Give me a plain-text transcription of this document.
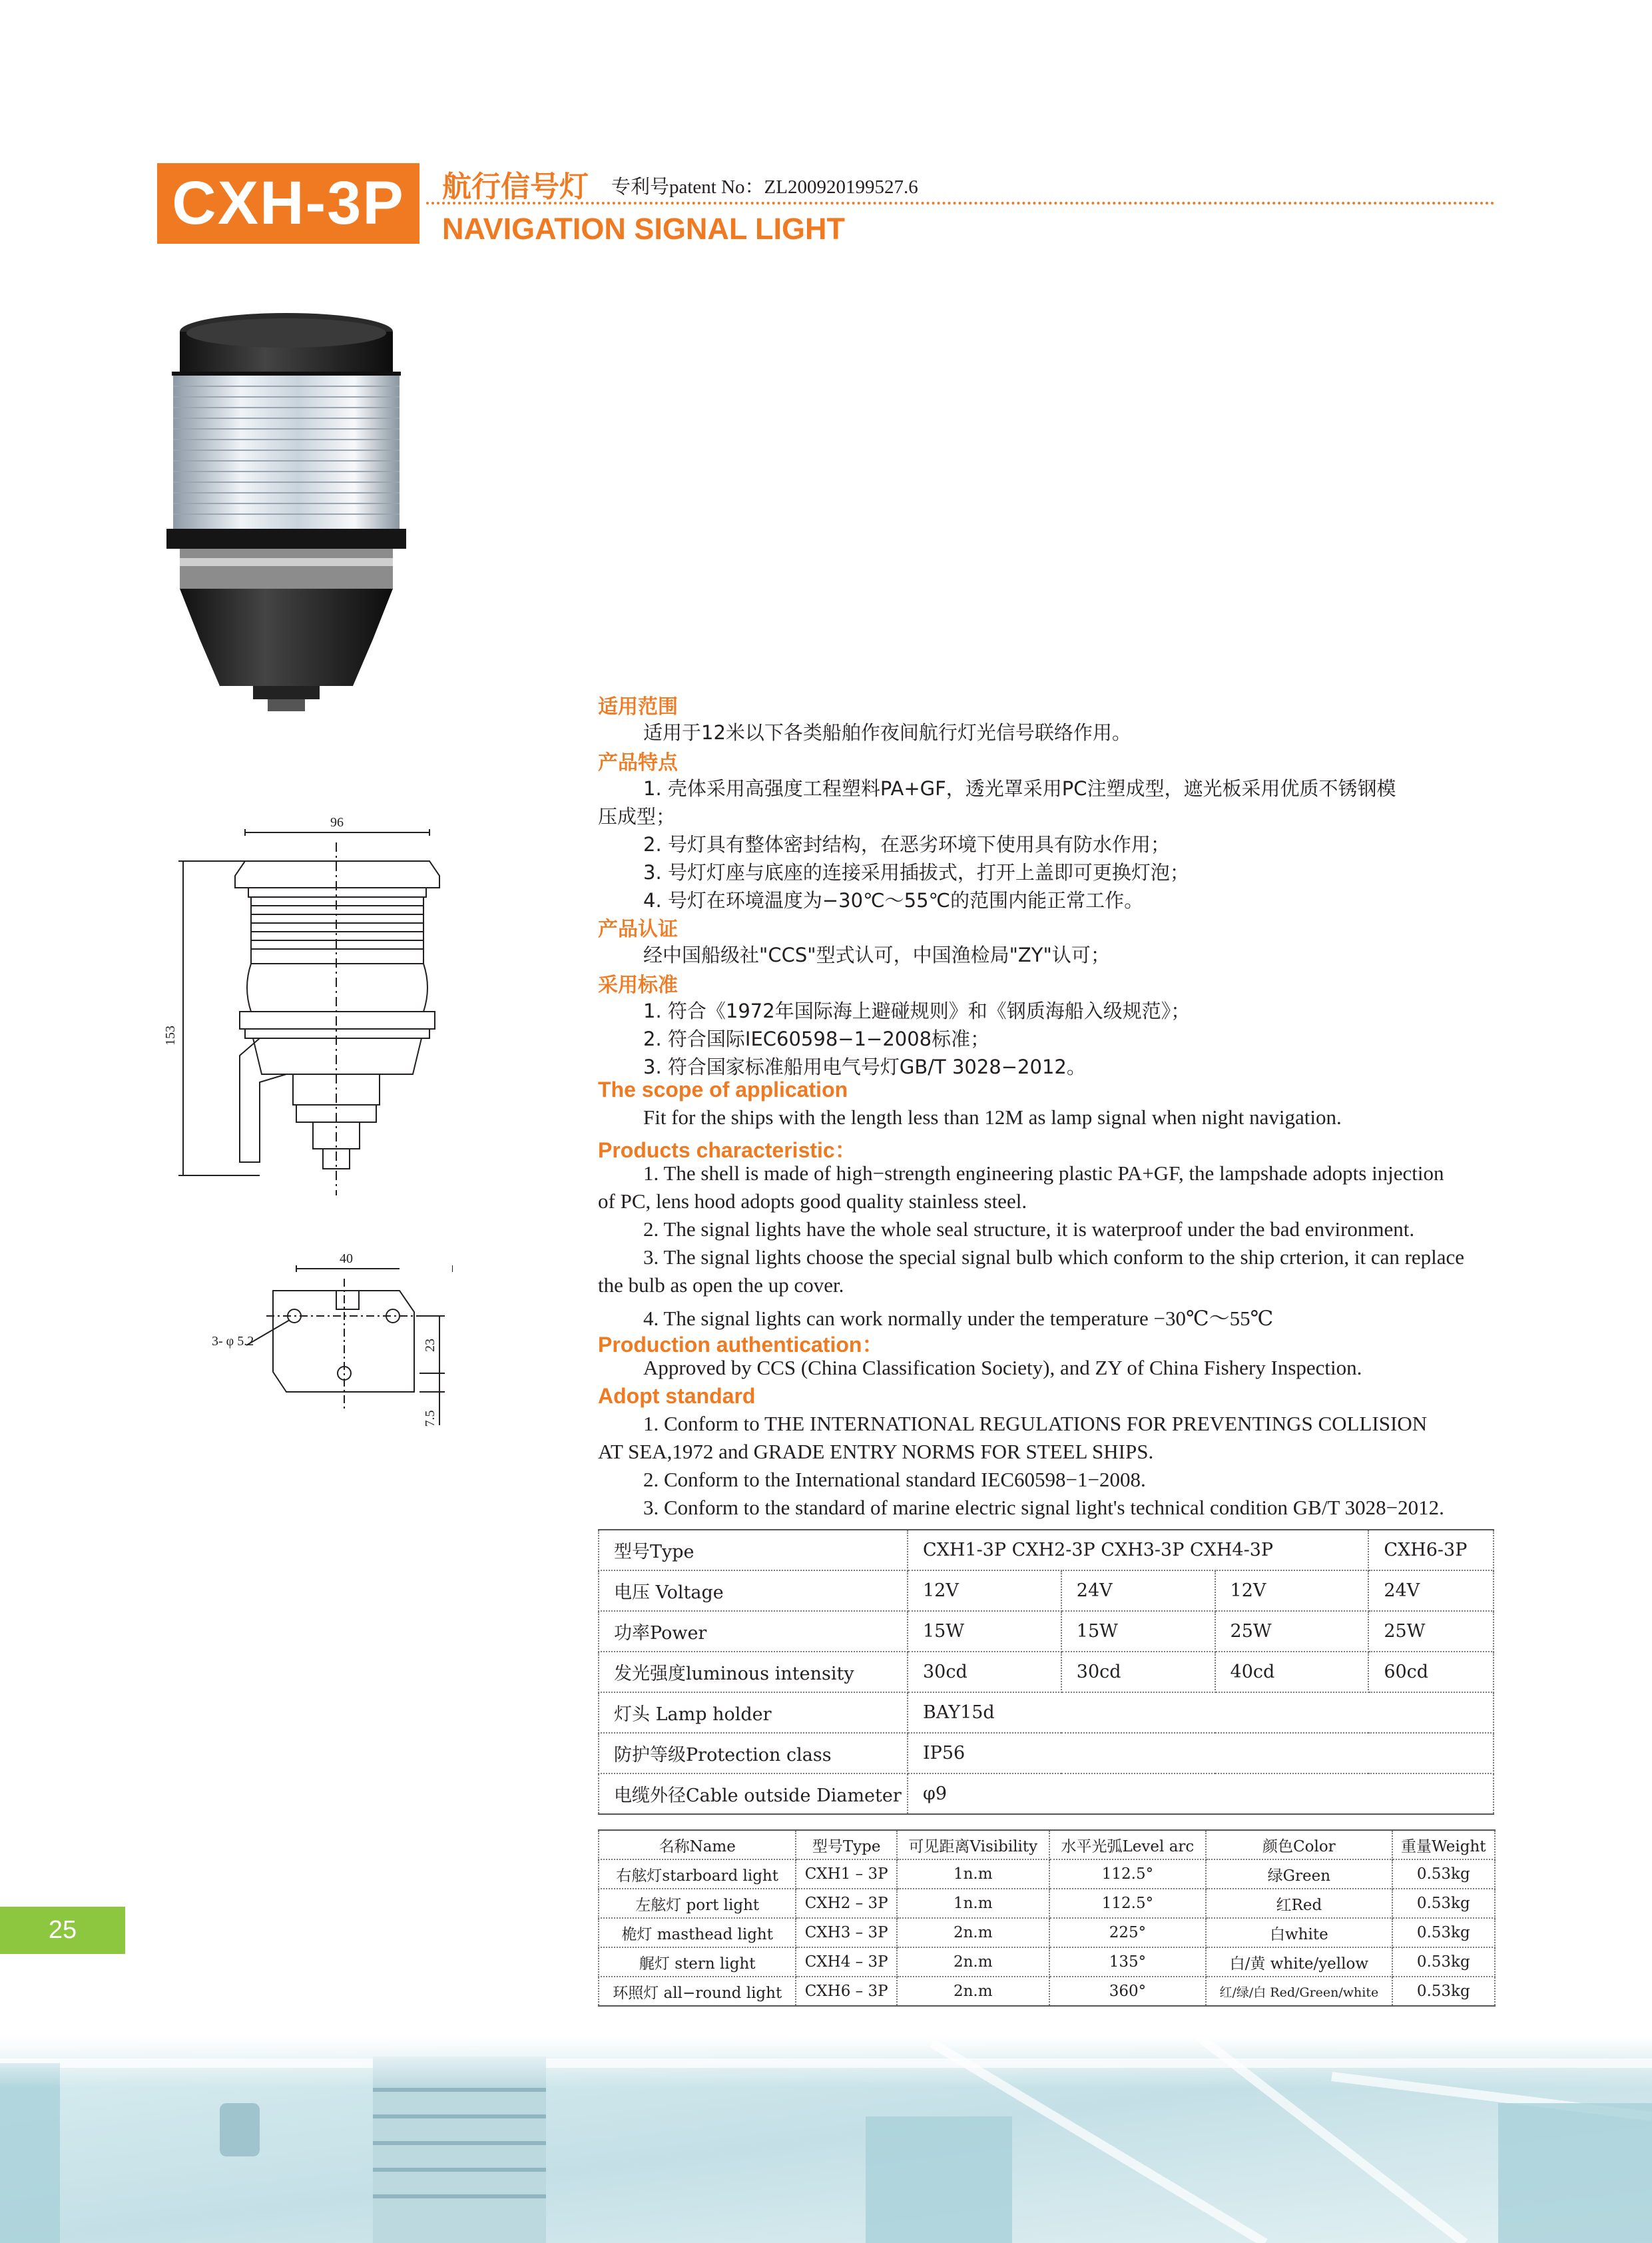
CXH-3P	航行信号灯 专利号patent No：ZL200920199527.6
NAVIGATION SIGNAL LIGHT
96
153
40
3- φ 5.2	23
7.5
适用范围
适用于12米以下各类船舶作夜间航行灯光信号联络作用。
产品特点
1. 壳体采用高强度工程塑料PA+GF，透光罩采用PC注塑成型，遮光板采用优质不锈钢模
压成型；
2. 号灯具有整体密封结构，在恶劣环境下使用具有防水作用；
3. 号灯灯座与底座的连接采用插拔式，打开上盖即可更换灯泡；
4. 号灯在环境温度为−30℃～55℃的范围内能正常工作。
产品认证
经中国船级社"CCS"型式认可，中国渔检局"ZY"认可；
采用标准
1. 符合《1972年国际海上避碰规则》和《钢质海船入级规范》；
2. 符合国际IEC60598−1−2008标准；
3. 符合国家标准船用电气号灯GB/T 3028−2012。
The scope of application
Fit for the ships with the length less than 12M as lamp signal when night navigation.
Products characteristic：
1. The shell is made of high−strength engineering plastic PA+GF, the lampshade adopts injection
of PC, lens hood adopts good quality stainless steel.
2. The signal lights have the whole seal structure, it is waterproof under the bad environment.
3. The signal lights choose the special signal bulb which conform to the ship crterion, it can replace
the bulb as open the up cover.
4. The signal lights can work normally under the temperature −30℃～55℃
Production authentication：
Approved by CCS (China Classification Society), and ZY of China Fishery Inspection.
Adopt standard
1. Conform to THE INTERNATIONAL REGULATIONS FOR PREVENTINGS COLLISION
AT SEA,1972 and GRADE ENTRY NORMS FOR STEEL SHIPS.
2. Conform to the International standard IEC60598−1−2008.
3. Conform to the standard of marine electric signal light's technical condition GB/T 3028−2012.
型号Type	CXH1-3P CXH2-3P CXH3-3P CXH4-3P			CXH6-3P
电压 Voltage	12V	24V	12V	24V
功率Power	15W	15W	25W	25W
发光强度luminous intensity	30cd	30cd	40cd	60cd
灯头 Lamp holder	BAY15d			
防护等级Protection class	IP56			
电缆外径Cable outside Diameter	φ9			
名称Name	型号Type	可见距离Visibility	水平光弧Level arc	颜色Color	重量Weight
右舷灯starboard light	CXH1 – 3P	1n.m	112.5°	绿Green	0.53kg
左舷灯 port light	CXH2 – 3P	1n.m	112.5°	红Red	0.53kg
桅灯 masthead light	CXH3 – 3P	2n.m	225°	白white	0.53kg
艉灯 stern light	CXH4 – 3P	2n.m	135°	白/黄 white/yellow	0.53kg
环照灯 all−round light	CXH6 – 3P	2n.m	360°	红/绿/白 Red/Green/white	0.53kg
25
